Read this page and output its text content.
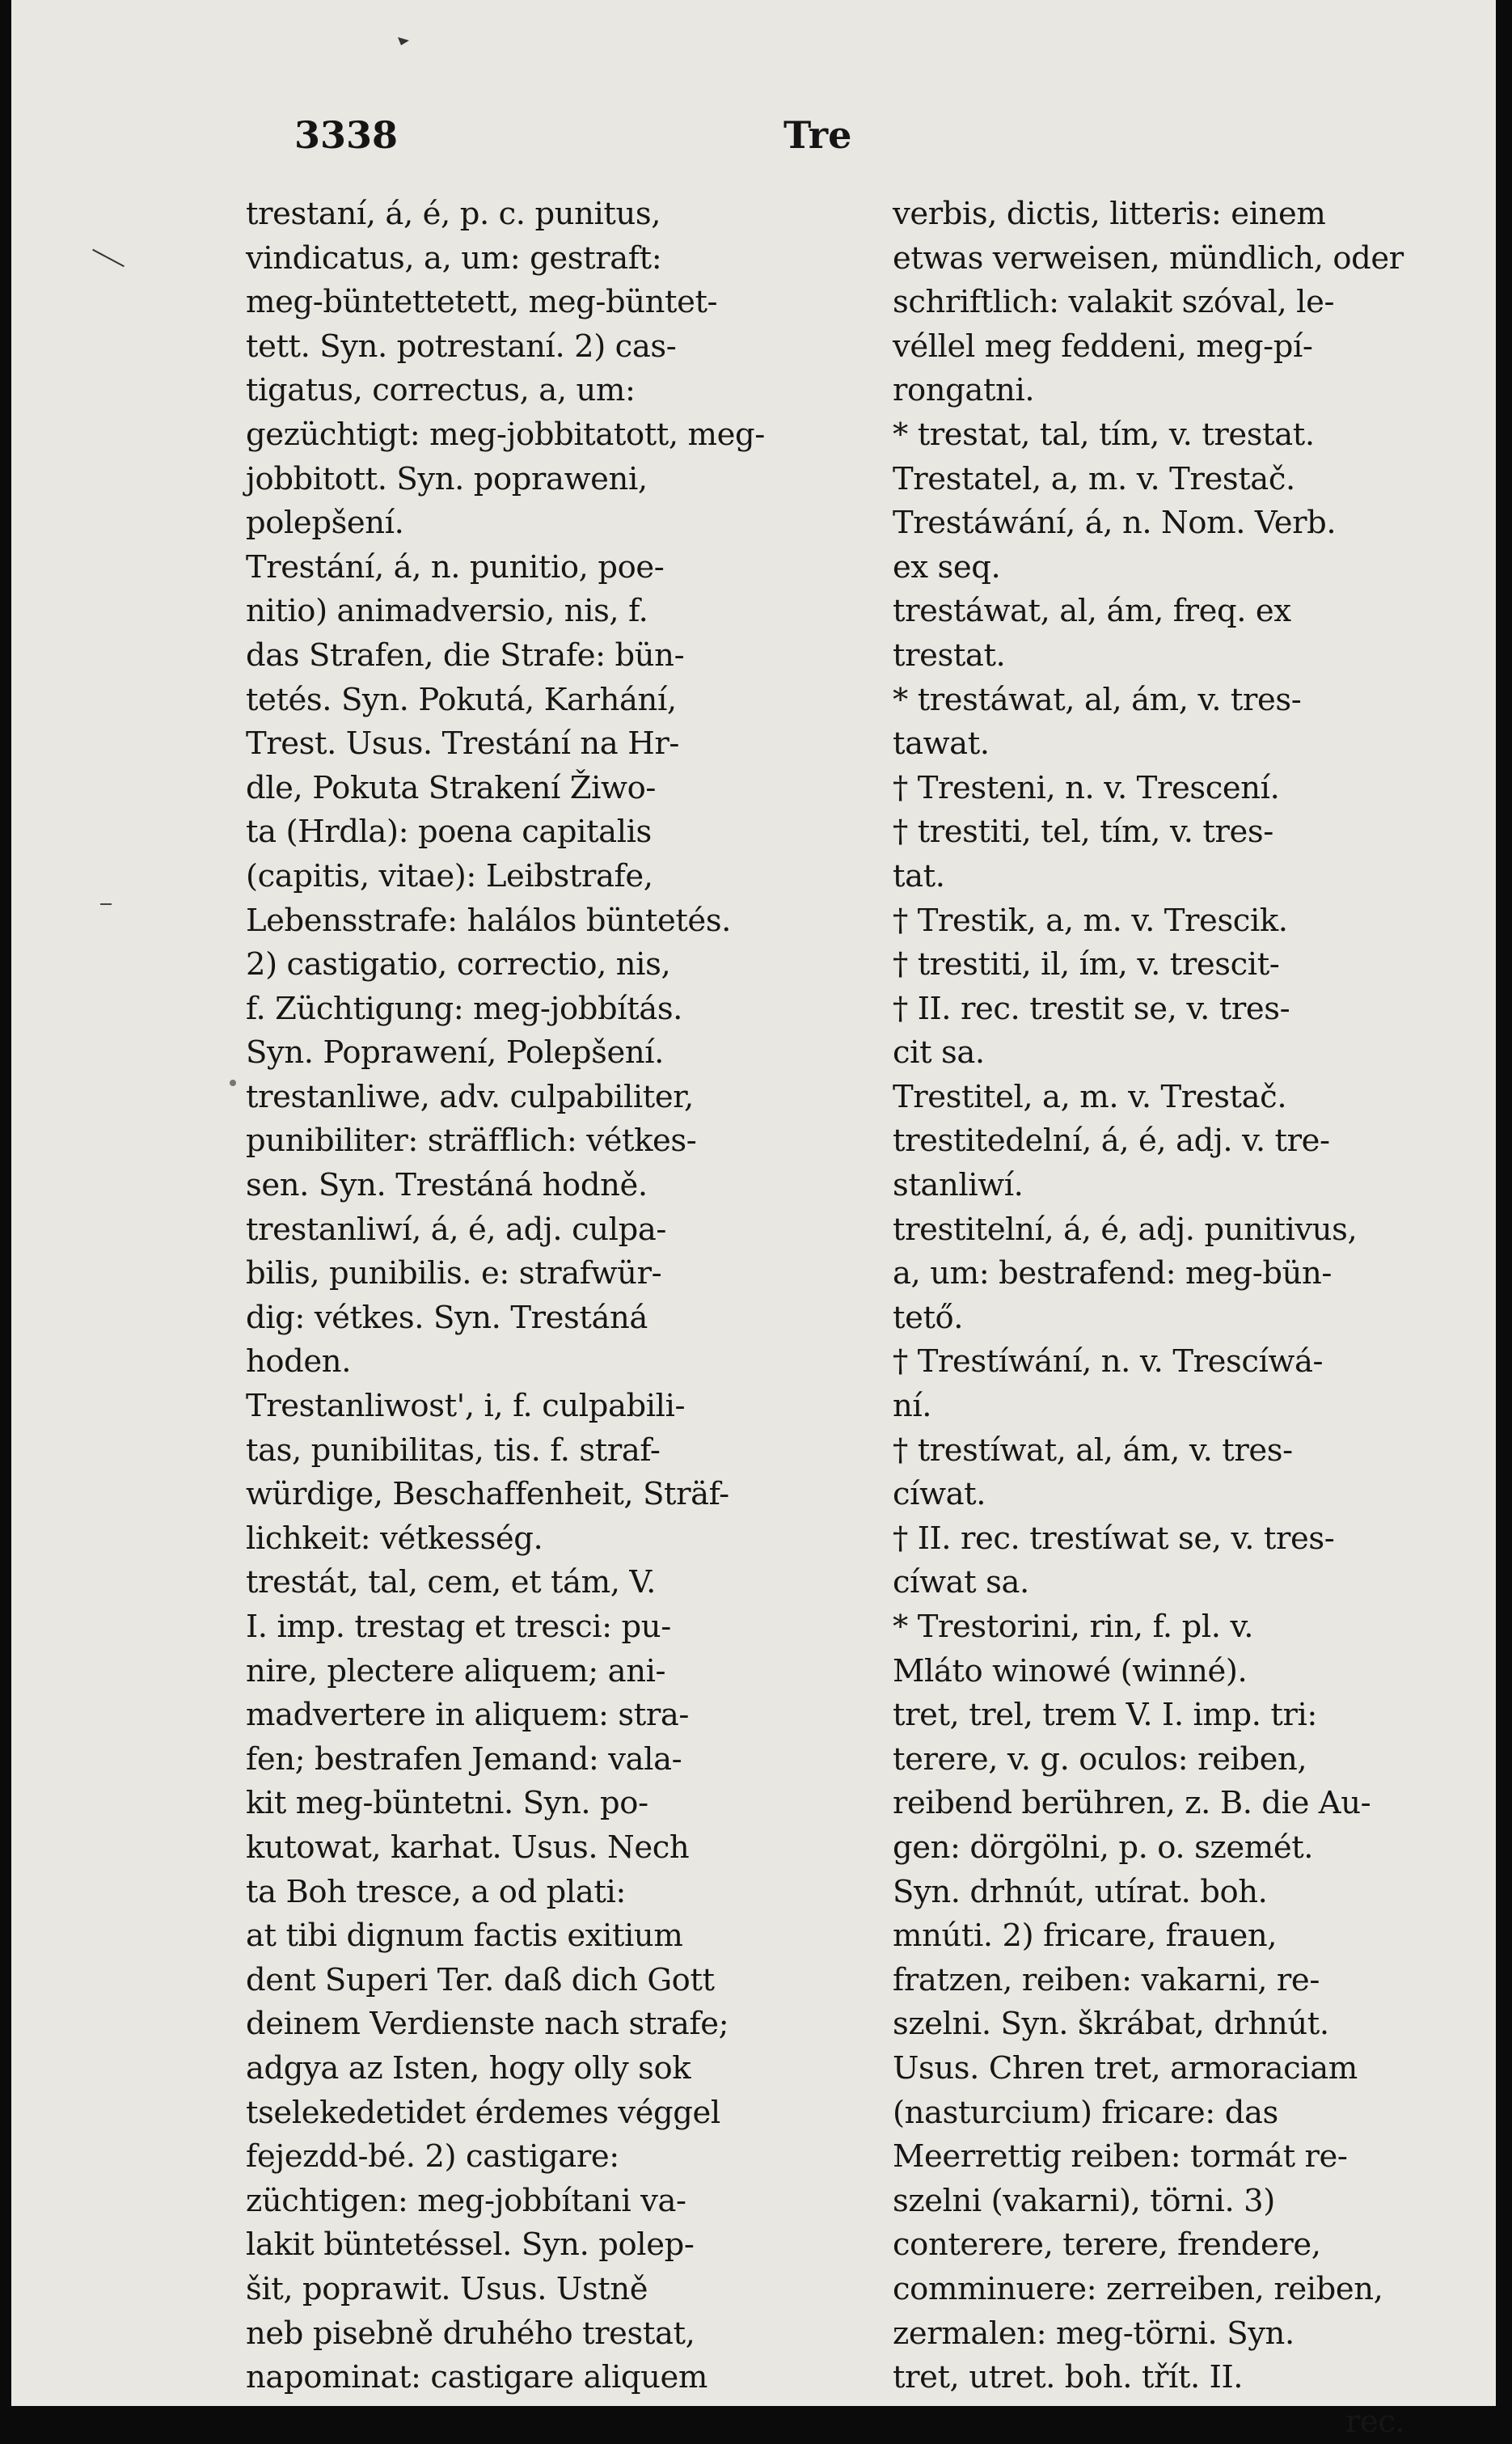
3338	Tre
trestaní, á, é, p. c. punitus,
vindicatus, a, um: gestraft:
meg-büntettetett, meg-büntet-
tett. Syn. potrestaní. 2) cas-
tigatus, correctus, a, um:
gezüchtigt: meg-jobbitatott, meg-
jobbitott. Syn. popraweni,
polepšení.
Trestání, á, n. punitio, poe-
nitio) animadversio, nis, f.
das Strafen, die Strafe: bün-
tetés. Syn. Pokutá, Karhání,
Trest. Usus. Trestání na Hr-
dle, Pokuta Strakení Žiwo-
ta (Hrdla): poena capitalis
(capitis, vitae): Leibstrafe,
Lebensstrafe: halálos büntetés.
2) castigatio, correctio, nis,
f. Züchtigung: meg-jobbítás.
Syn. Poprawení, Polepšení.
trestanliwe, adv. culpabiliter,
punibiliter: sträfflich: vétkes-
sen. Syn. Trestáná hodně.
trestanliwí, á, é, adj. culpa-
bilis, punibilis. e: strafwür-
dig: vétkes. Syn. Trestáná
hoden.
Trestanliwost', i, f. culpabili-
tas, punibilitas, tis. f. straf-
würdige, Beschaffenheit, Sträf-
lichkeit: vétkesség.
trestát, tal, cem, et tám, V.
I. imp. trestag et tresci: pu-
nire, plectere aliquem; ani-
madvertere in aliquem: stra-
fen; bestrafen Jemand: vala-
kit meg-büntetni. Syn. po-
kutowat, karhat. Usus. Nech
ta Boh tresce, a od plati:
at tibi dignum factis exitium
dent Superi Ter. daß dich Gott
deinem Verdienste nach strafe;
adgya az Isten, hogy olly sok
tselekedetidet érdemes véggel
fejezdd-bé. 2) castigare:
züchtigen: meg-jobbítani va-
lakit büntetéssel. Syn. polep-
šit, poprawit. Usus. Ustně
neb pisebně druhého trestat,
napominat: castigare aliquem
verbis, dictis, litteris: einem
etwas verweisen, mündlich, oder
schriftlich: valakit szóval, le-
véllel meg feddeni, meg-pí-
rongatni.
* trestat, tal, tím, v. trestat.
Trestatel, a, m. v. Trestač.
Trestáwání, á, n. Nom. Verb.
ex seq.
trestáwat, al, ám, freq. ex
trestat.
* trestáwat, al, ám, v. tres-
tawat.
† Tresteni, n. v. Trescení.
† trestiti, tel, tím, v. tres-
tat.
† Trestik, a, m. v. Trescik.
† trestiti, il, ím, v. trescit-
† II. rec. trestit se, v. tres-
cit sa.
Trestitel, a, m. v. Trestač.
trestitedelní, á, é, adj. v. tre-
stanliwí.
trestitelní, á, é, adj. punitivus,
a, um: bestrafend: meg-bün-
tető.
† Trestíwání, n. v. Trescíwá-
ní.
† trestíwat, al, ám, v. tres-
cíwat.
† II. rec. trestíwat se, v. tres-
cíwat sa.
* Trestorini, rin, f. pl. v.
Mláto winowé (winné).
tret, trel, trem V. I. imp. tri:
terere, v. g. oculos: reiben,
reibend berühren, z. B. die Au-
gen: dörgölni, p. o. szemét.
Syn. drhnút, utírat. boh.
mnúti. 2) fricare, frauen,
fratzen, reiben: vakarni, re-
szelni. Syn. škrábat, drhnút.
Usus. Chren tret, armoraciam
(nasturcium) fricare: das
Meerrettig reiben: tormát re-
szelni (vakarni), törni. 3)
conterere, terere, frendere,
comminuere: zerreiben, reiben,
zermalen: meg-törni. Syn.
tret, utret. boh. třít. II.
rec.
